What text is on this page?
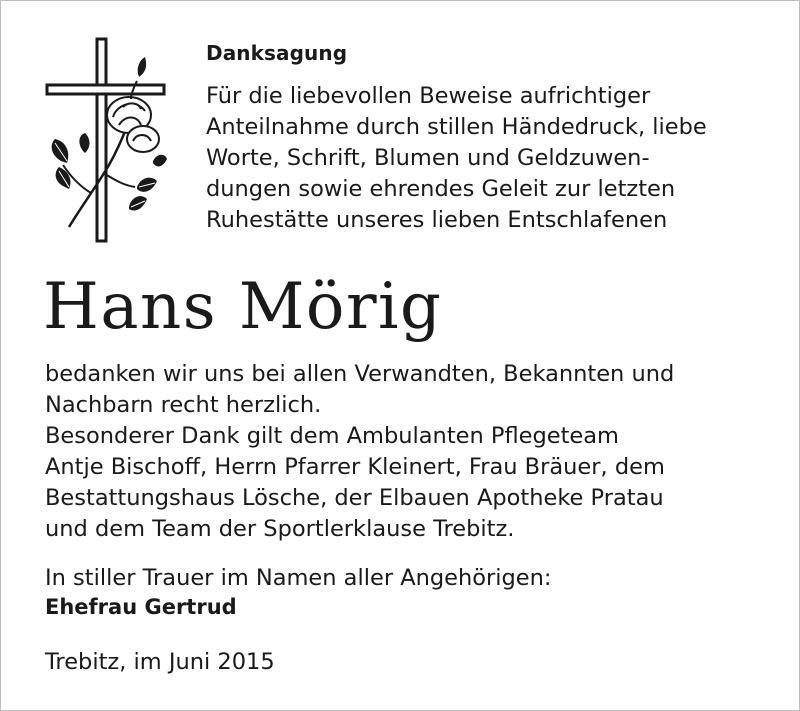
Danksagung
Für die liebevollen Beweise aufrichtiger
Anteilnahme durch stillen Händedruck, liebe
Worte, Schrift, Blumen und Geldzuwen-
dungen sowie ehrendes Geleit zur letzten
Ruhestätte unseres lieben Entschlafenen
Hans Mörig
bedanken wir uns bei allen Verwandten, Bekannten und
Nachbarn recht herzlich.
Besonderer Dank gilt dem Ambulanten Pflegeteam
Antje Bischoff, Herrn Pfarrer Kleinert, Frau Bräuer, dem
Bestattungshaus Lösche, der Elbauen Apotheke Pratau
und dem Team der Sportlerklause Trebitz.
In stiller Trauer im Namen aller Angehörigen:
Ehefrau Gertrud
Trebitz, im Juni 2015
